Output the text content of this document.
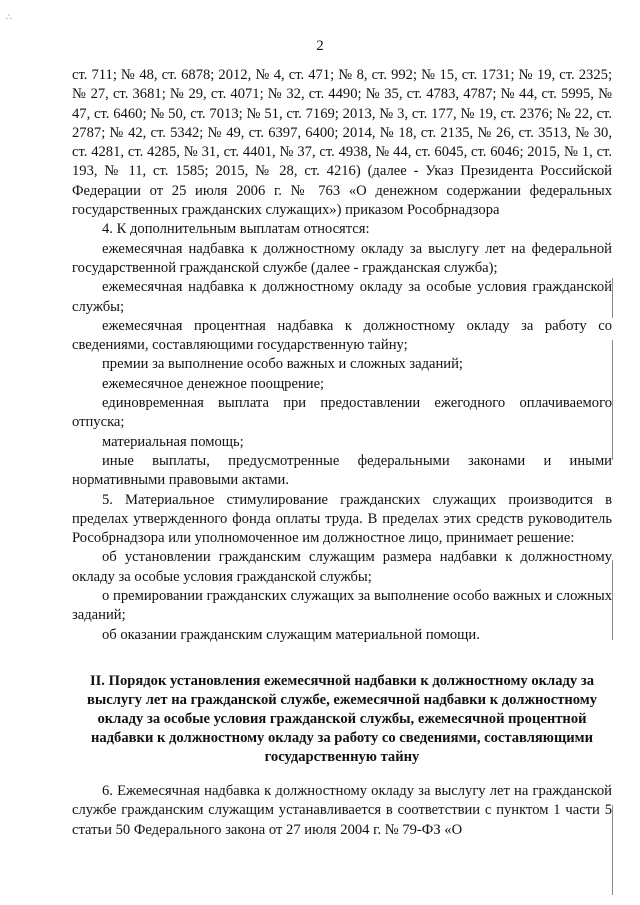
∴
2

ст. 711; № 48, ст. 6878; 2012, № 4, ст. 471; № 8, ст. 992; № 15, ст. 1731; № 19, ст. 2325; № 27, ст. 3681; № 29, ст. 4071; № 32, ст. 4490; № 35, ст. 4783, 4787; № 44, ст. 5995, № 47, ст. 6460; № 50, ст. 7013; № 51, ст. 7169; 2013, № 3, ст. 177, № 19, ст. 2376; № 22, ст. 2787; № 42, ст. 5342; № 49, ст. 6397, 6400; 2014, № 18, ст. 2135, № 26, ст. 3513, № 30, ст. 4281, ст. 4285, № 31, ст. 4401, № 37, ст. 4938, № 44, ст. 6045, ст. 6046; 2015, № 1, ст. 193, № 11, ст. 1585; 2015, № 28, ст. 4216) (далее - Указ Президента Российской Федерации от 25 июля 2006 г. № 763 «О денежном содержании федеральных государственных гражданских служащих») приказом Рособрнадзора

4. К дополнительным выплатам относятся:

ежемесячная надбавка к должностному окладу за выслугу лет на федеральной государственной гражданской службе (далее - гражданская служба);

ежемесячная надбавка к должностному окладу за особые условия гражданской службы;

ежемесячная процентная надбавка к должностному окладу за работу со сведениями, составляющими государственную тайну;

премии за выполнение особо важных и сложных заданий;

ежемесячное денежное поощрение;

единовременная выплата при предоставлении ежегодного оплачиваемого отпуска;

материальная помощь;

иные выплаты, предусмотренные федеральными законами и иными нормативными правовыми актами.

5. Материальное стимулирование гражданских служащих производится в пределах утвержденного фонда оплаты труда. В пределах этих средств руководитель Рособрнадзора или уполномоченное им должностное лицо, принимает решение:

об установлении гражданским служащим размера надбавки к должностному окладу за особые условия гражданской службы;

о премировании гражданских служащих за выполнение особо важных и сложных заданий;

об оказании гражданским служащим материальной помощи.

II. Порядок установления ежемесячной надбавки к должностному окладу за выслугу лет на гражданской службе, ежемесячной надбавки к должностному окладу за особые условия гражданской службы, ежемесячной процентной надбавки к должностному окладу за работу со сведениями, составляющими государственную тайну

6. Ежемесячная надбавка к должностному окладу за выслугу лет на гражданской службе гражданским служащим устанавливается в соответствии с пунктом 1 части 5 статьи 50 Федерального закона от 27 июля 2004 г. № 79-ФЗ «О
